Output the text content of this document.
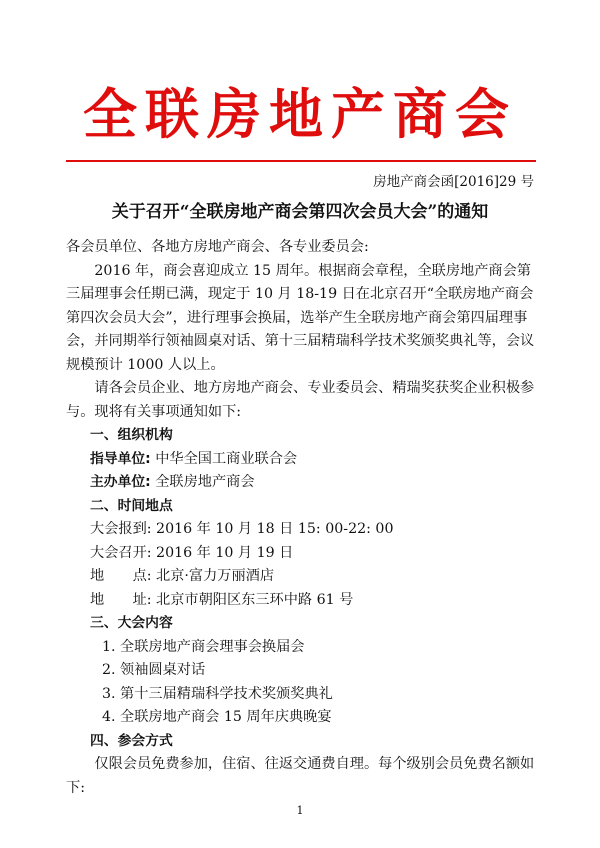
全联房地产商会
房地产商会函[2016]29 号
关于召开“全联房地产商会第四次会员大会”的通知

各会员单位、各地方房地产商会、各专业委员会:

2016 年，商会喜迎成立 15 周年。根据商会章程，全联房地产商会第三届理事会任期已满，现定于 10 月 18-19 日在北京召开“全联房地产商会第四次会员大会”，进行理事会换届，选举产生全联房地产商会第四届理事会，并同期举行领袖圆桌对话、第十三届精瑞科学技术奖颁奖典礼等，会议规模预计 1000 人以上。

请各会员企业、地方房地产商会、专业委员会、精瑞奖获奖企业积极参与。现将有关事项通知如下:

一、组织机构

指导单位: 中华全国工商业联合会

主办单位: 全联房地产商会

二、时间地点

大会报到: 2016 年 10 月 18 日 15: 00-22: 00

大会召开: 2016 年 10 月 19 日

地　　点: 北京·富力万丽酒店

地　　址: 北京市朝阳区东三环中路 61 号

三、大会内容

1. 全联房地产商会理事会换届会

2. 领袖圆桌对话

3. 第十三届精瑞科学技术奖颁奖典礼

4. 全联房地产商会 15 周年庆典晚宴

四、参会方式

仅限会员免费参加，住宿、往返交通费自理。每个级别会员免费名额如下:

1
